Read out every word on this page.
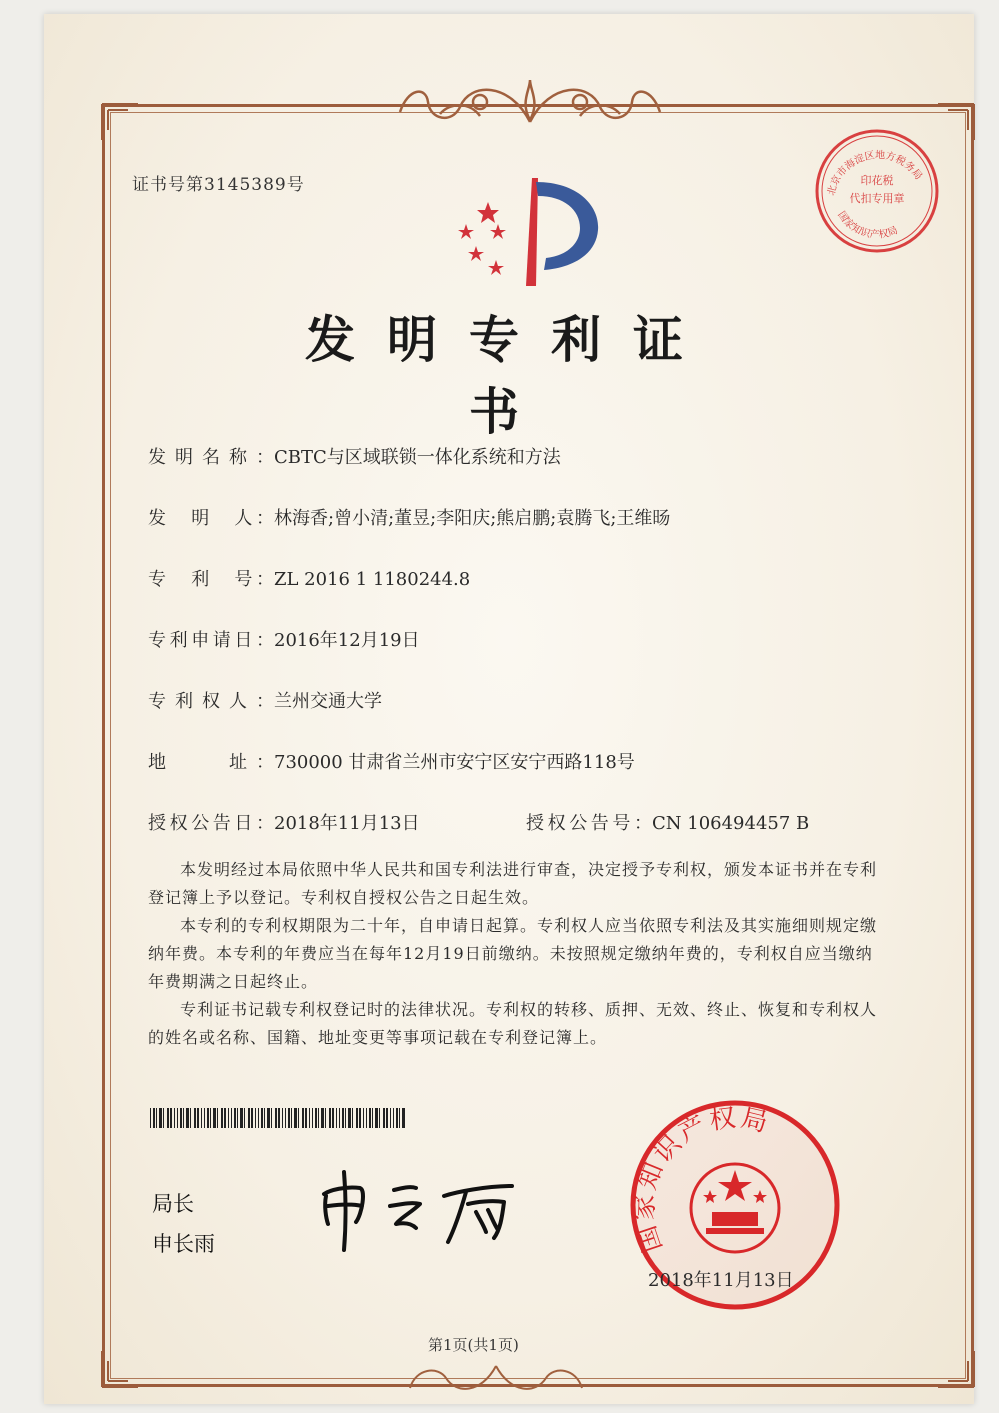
证书号第3145389号	北京市海淀区地方税务局
印花税
代扣专用章
国家知识产权局
发明专利证书
发明名称：CBTC与区域联锁一体化系统和方法
发　明　人：林海香;曾小清;董昱;李阳庆;熊启鹏;袁腾飞;王维旸
专　利　号：ZL 2016 1 1180244.8
专利申请日：2016年12月19日
专利权人：兰州交通大学
地　　址：730000 甘肃省兰州市安宁区安宁西路118号
授权公告日：2018年11月13日	授权公告号：CN 106494457 B
本发明经过本局依照中华人民共和国专利法进行审查，决定授予专利权，颁发本证书并在专利登记簿上予以登记。专利权自授权公告之日起生效。
本专利的专利权期限为二十年，自申请日起算。专利权人应当依照专利法及其实施细则规定缴纳年费。本专利的年费应当在每年12月19日前缴纳。未按照规定缴纳年费的，专利权自应当缴纳年费期满之日起终止。
专利证书记载专利权登记时的法律状况。专利权的转移、质押、无效、终止、恢复和专利权人的姓名或名称、国籍、地址变更等事项记载在专利登记簿上。
局长
申长雨	国家知识产权局
2018年11月13日
第1页(共1页)
